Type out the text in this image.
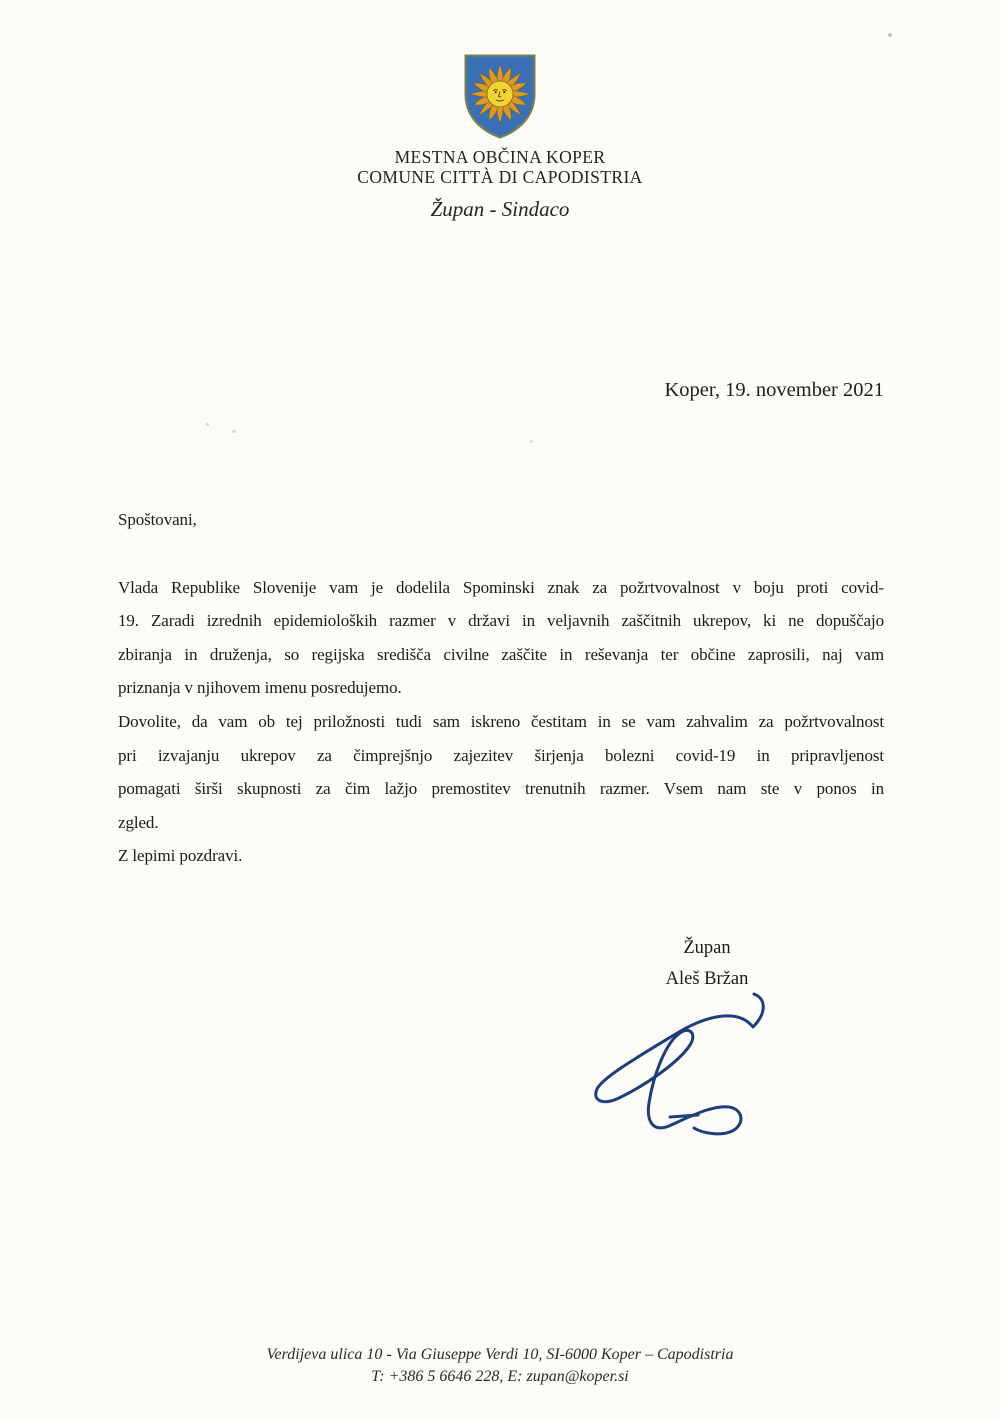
MESTNA OBČINA KOPER
COMUNE CITTÀ DI CAPODISTRIA
Župan - Sindaco
Koper, 19. november 2021
Spoštovani,
Vlada Republike Slovenije vam je dodelila Spominski znak za požrtvovalnost v boju proti covid-
19. Zaradi izrednih epidemioloških razmer v državi in veljavnih zaščitnih ukrepov, ki ne dopuščajo
zbiranja in druženja, so regijska središča civilne zaščite in reševanja ter občine zaprosili, naj vam
priznanja v njihovem imenu posredujemo.
Dovolite, da vam ob tej priložnosti tudi sam iskreno čestitam in se vam zahvalim za požrtvovalnost
pri izvajanju ukrepov za čimprejšnjo zajezitev širjenja bolezni covid-19 in pripravljenost
pomagati širši skupnosti za čim lažjo premostitev trenutnih razmer. Vsem nam ste v ponos in
zgled.
Z lepimi pozdravi.
Župan
Aleš Bržan
Verdijeva ulica 10 - Via Giuseppe Verdi 10, SI-6000 Koper – Capodistria
T: +386 5 6646 228, E: zupan@koper.si
